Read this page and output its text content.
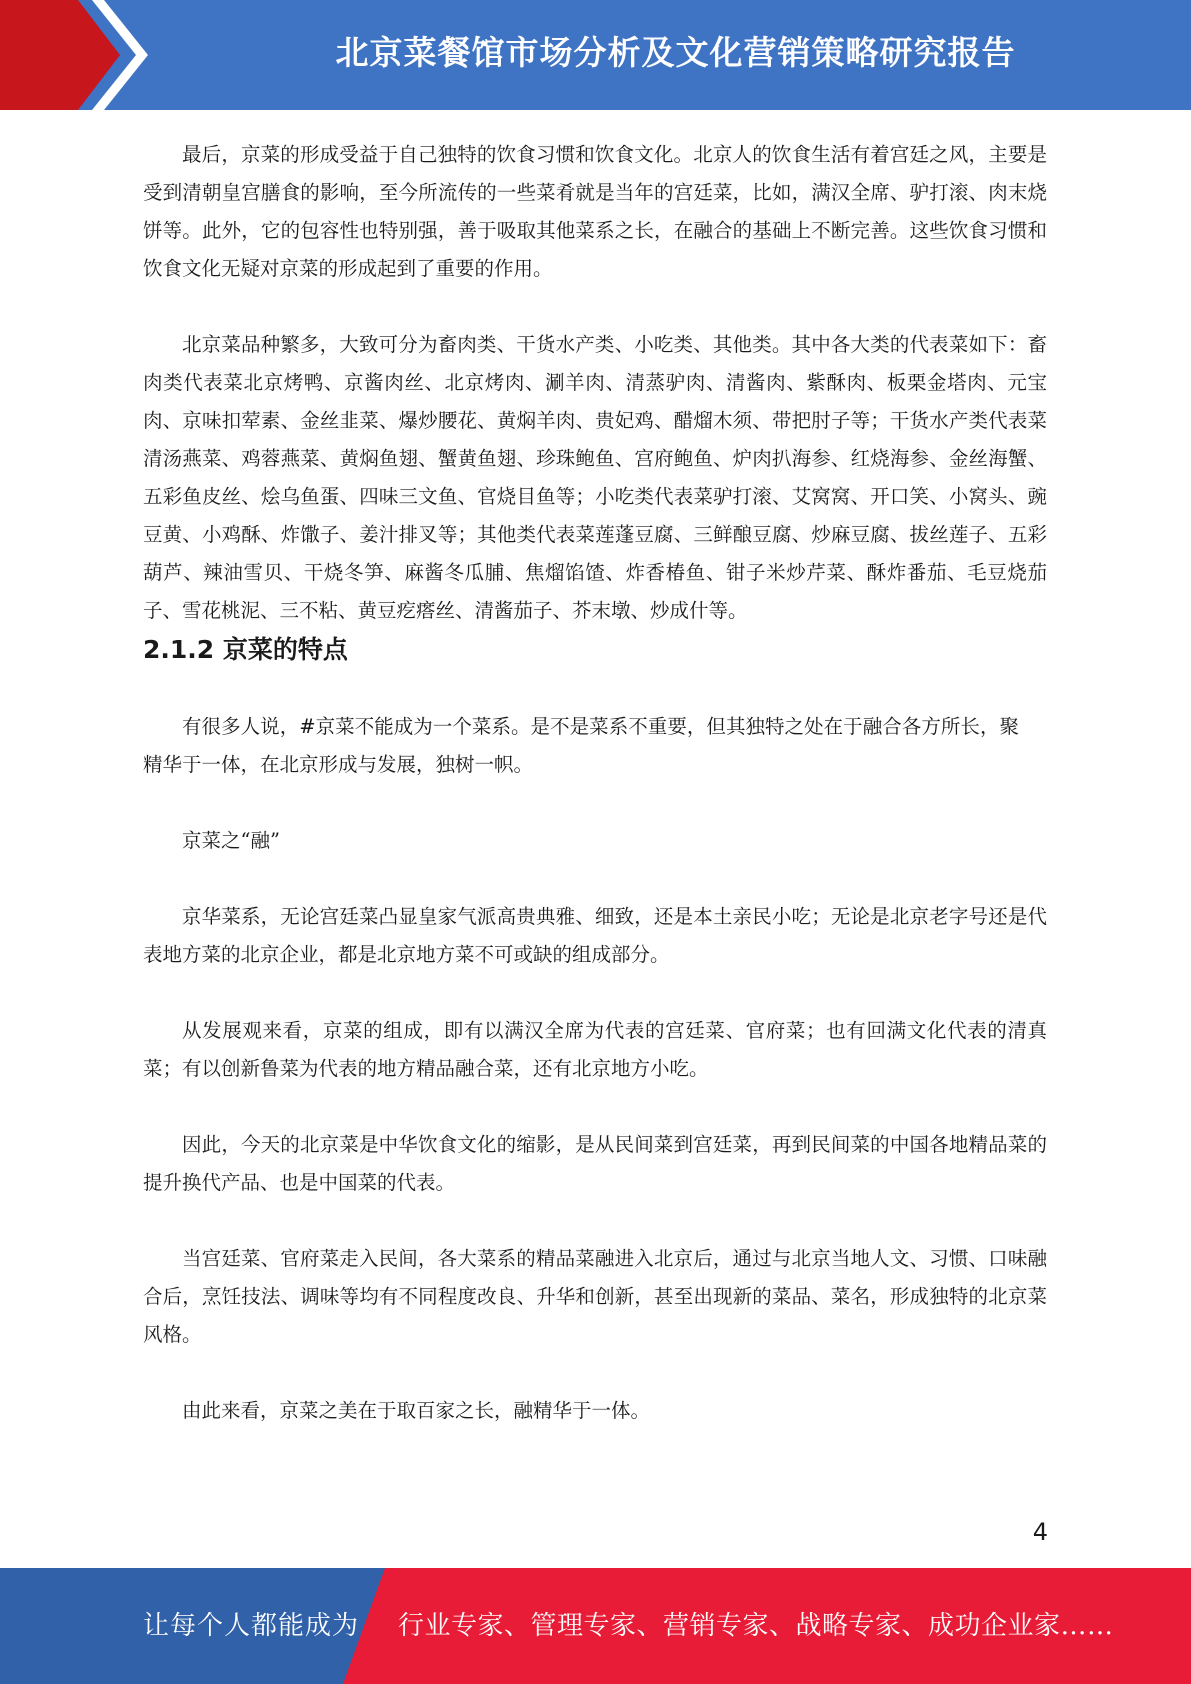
北京菜餐馆市场分析及文化营销策略研究报告

最后，京菜的形成受益于自己独特的饮食习惯和饮食文化。北京人的饮食生活有着宫廷之风，主要是受到清朝皇宫膳食的影响，至今所流传的一些菜肴就是当年的宫廷菜，比如，满汉全席、驴打滚、肉末烧饼等。此外，它的包容性也特别强，善于吸取其他菜系之长，在融合的基础上不断完善。这些饮食习惯和饮食文化无疑对京菜的形成起到了重要的作用。

北京菜品种繁多，大致可分为畜肉类、干货水产类、小吃类、其他类。其中各大类的代表菜如下：畜肉类代表菜北京烤鸭、京酱肉丝、北京烤肉、涮羊肉、清蒸驴肉、清酱肉、紫酥肉、板栗金塔肉、元宝肉、京味扣荤素、金丝韭菜、爆炒腰花、黄焖羊肉、贵妃鸡、醋熘木须、带把肘子等；干货水产类代表菜清汤燕菜、鸡蓉燕菜、黄焖鱼翅、蟹黄鱼翅、珍珠鲍鱼、宫府鲍鱼、炉肉扒海参、红烧海参、金丝海蟹、五彩鱼皮丝、烩乌鱼蛋、四味三文鱼、官烧目鱼等；小吃类代表菜驴打滚、艾窝窝、开口笑、小窝头、豌豆黄、小鸡酥、炸馓子、姜汁排叉等；其他类代表菜莲蓬豆腐、三鲜酿豆腐、炒麻豆腐、拔丝莲子、五彩葫芦、辣油雪贝、干烧冬笋、麻酱冬瓜脯、焦熘馅馇、炸香椿鱼、钳子米炒芹菜、酥炸番茄、毛豆烧茄子、雪花桃泥、三不粘、黄豆疙瘩丝、清酱茄子、芥末墩、炒成什等。

2.1.2 京菜的特点

有很多人说，#京菜不能成为一个菜系。是不是菜系不重要，但其独特之处在于融合各方所长，聚精华于一体，在北京形成与发展，独树一帜。

京菜之“融”

京华菜系，无论宫廷菜凸显皇家气派高贵典雅、细致，还是本土亲民小吃；无论是北京老字号还是代表地方菜的北京企业，都是北京地方菜不可或缺的组成部分。

从发展观来看，京菜的组成，即有以满汉全席为代表的宫廷菜、官府菜；也有回满文化代表的清真菜；有以创新鲁菜为代表的地方精品融合菜，还有北京地方小吃。

因此，今天的北京菜是中华饮食文化的缩影，是从民间菜到宫廷菜，再到民间菜的中国各地精品菜的提升换代产品、也是中国菜的代表。

当宫廷菜、官府菜走入民间，各大菜系的精品菜融进入北京后，通过与北京当地人文、习惯、口味融合后，烹饪技法、调味等均有不同程度改良、升华和创新，甚至出现新的菜品、菜名，形成独特的北京菜风格。

由此来看，京菜之美在于取百家之长，融精华于一体。

4
让每个人都能成为 行业专家、管理专家、营销专家、战略专家、成功企业家……
